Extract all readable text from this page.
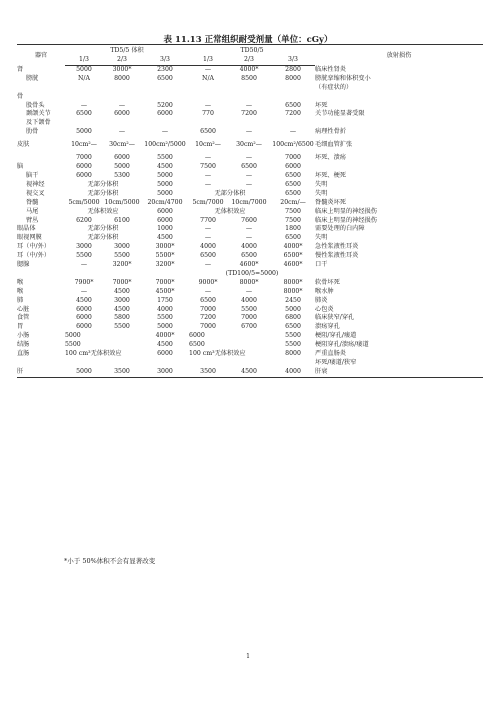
表 11.13 正常组织耐受剂量（单位：cGy）
器官	TD5/5 体积			TD50/5			放射损伤
	1/3	2/3	3/3	1/3	2/3	3/3	
肾	5000	3000*	2300	—	4000*	2800	临床性肾炎
膀胱	N/A	8000	6500	N/A	8500	8000	膀胱挛缩和体积变小
							（有症状的）
骨							
股骨头	—	—	5200	—	—	6500	坏死
颞颌关节	6500	6000	6000	770	7200	7200	关节功能显著受限
及下颌骨							
肋骨	5000	—	—	6500	—	—	病理性骨折
皮肤	10cm²—	30cm²—	100cm²/5000	10cm²—	30cm²—	100cm²/6500	毛细血管扩张
	7000	6000	5500	—	—	7000	坏死、溃疡
脑	6000	5000	4500	7500	6500	6000	
脑干	6000	5300	5000	—	—	6500	坏死、梗死
视神经	无部分体积		5000	—	—	6500	失明
视交叉	无部分体积		5000	无部分体积		6500	失明
脊髓	5cm/5000	10cm/5000	20cm/4700	5cm/7000	10cm/7000	20cm/—	脊髓炎坏死
马尾	无体积效应		6000	无体积效应		7500	临床上明显的神经损伤
臂丛	6200	6100	6000	7700	7600	7500	临床上明显的神经损伤
眼晶体	无部分体积		1000	—	—	1800	需要处理的白内障
眼视网膜	无部分体积		4500	—	—	6500	失明
耳（中/外）	3000	3000	3000*	4000	4000	4000*	急性浆液性耳炎
耳（中/外）	5500	5500	5500*	6500	6500	6500*	慢性浆液性耳炎
腮腺	—	3200*	3200*	—	4600*	4600*	口干
				(TD100/5=5000)			
喉	7900*	7000*	7000*	9000*	8000*	8000*	软骨坏死
喉	—	4500	4500*	—	—	8000*	喉水肿
肺	4500	3000	1750	6500	4000	2450	肺炎
心脏	6000	4500	4000	7000	5500	5000	心包炎
食管	6000	5800	5500	7200	7000	6800	临床狭窄/穿孔
胃	6000	5500	5000	7000	6700	6500	溃疡穿孔
小肠	5000		4000*	6000		5500	梗阻/穿孔/瘘道
结肠	5500		4500	6500		5500	梗阻穿孔/溃疡/瘘道
直肠	100 cm³无体积效应		6000	100 cm³无体积效应		8000	严重直肠炎
							坏死/瘘道/狭窄
肝	5000	3500	3000	3500	4500	4000	肝衰
*小于 50%体积不会有显著改变
1
